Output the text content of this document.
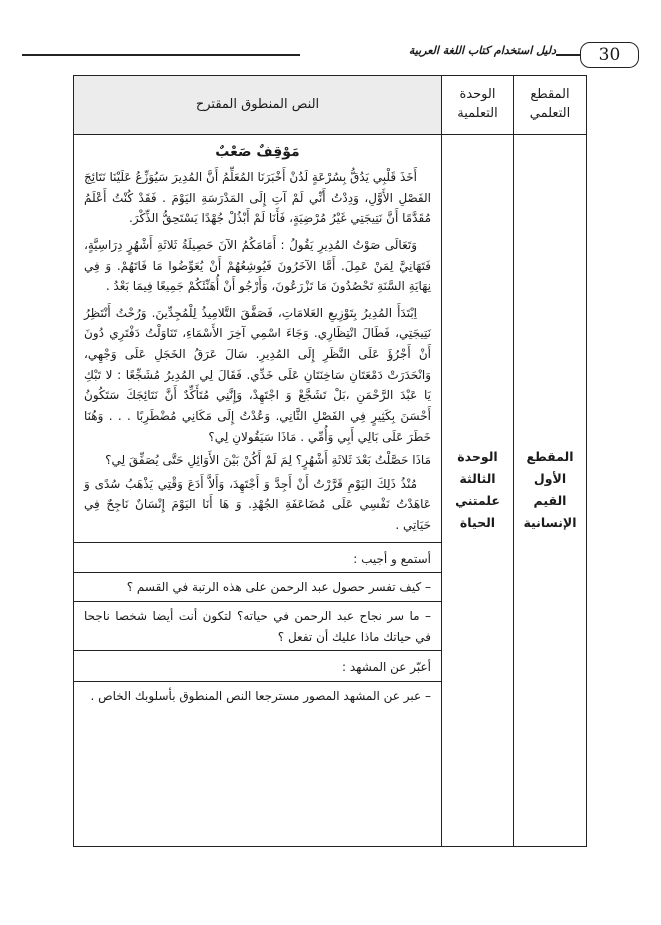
دليل استخدام كتاب اللغة العربية	30
النص المنطوق المقترح
الوحدة التعلمية
المقطع التعلمي
المقطع الأول القيم الإنسانية
الوحدة الثالثة علمتني الحياة
مَوْقِفٌ صَعْبٌ

أَخَذَ قَلْبِي يَدُقُّ بِسُرْعَةٍ لَدُنْ أَخْبَرَنَا المُعَلِّمُ أَنَّ المُدِيرَ سَيُوَزِّعُ عَلَيْنَا نَتَائِجَ الفَصْلِ الأَوَّلِ، وَدِدْتُ أَنِّي لَمْ آتِ إِلَى المَدْرَسَةِ اليَوْمَ . فَقَدْ كُنْتُ أَعْلَمُ مُقَدَّمًا أَنَّ نَتِيجَتِي غَيْرُ مُرْضِيَةٍ، فَأَنَا لَمْ أَبْذُلْ جُهْدًا يَسْتَحِقُّ الذِّكْرَ.

وَتَعَالَى صَوْتُ المُدِيرِ يَقُولُ : أَمَامَكُمُ الآنَ حَصِيلَةُ ثَلاثَةِ أَشْهُرٍ دِرَاسِيَّةٍ، فَتَهَانِيَّ لِمَنْ عَمِلَ. أَمَّا الآخَرُونَ فَيُوشِعُهُمْ أَنْ يُعَوِّضُوا مَا فَاتَهُمْ. وَ فِي نِهَايَةِ السَّنَةِ تَحْصُدُونَ مَا تَزْرَعُونَ، وَأَرْجُو أَنْ أُهَنِّئَكُمْ جَمِيعًا فِيمَا بَعْدُ .

اِبْتَدَأَ المُدِيرُ بِتَوْزِيعِ العَلامَاتِ، فَصَفَّقَ التَّلامِيذُ لِلْمُجِدِّينَ. وَرُحْتُ أَنْتَظِرُ نَتِيجَتِي، فَطَالَ انْتِظَارِي. وَجَاءَ اسْمِي آخِرَ الأَسْمَاءِ، تَنَاوَلْتُ دَفْتَرِي دُونَ أَنْ أَجْرُؤَ عَلَى النَّظَرِ إِلَى المُدِيرِ. سَالَ عَرَقُ الخَجَلِ عَلَى وَجْهِي، وَانْحَدَرَتْ دَمْعَتَانِ سَاخِنَتَانِ عَلَى خَدِّي. فَقَالَ لِي المُدِيرُ مُشَجِّعًا : لا تَبْكِ يَا عَبْدَ الرَّحْمَنِ ،بَلْ تَشَجَّعْ وَ اجْتَهِدْ، وَإِنَّنِي مُتَأَكِّدٌ أَنَّ نَتَائِجَكَ سَتَكُونُ أَحْسَنَ بِكَثِيرٍ فِي الفَصْلِ الثَّانِي. وَعُدْتُ إِلَى مَكَانِي مُضْطَرِبًا . . . وَهُنَا خَطَرَ عَلَى بَالِي أَبِي وَأُمِّي . مَاذَا سَيَقُولانِ لِي؟

مَاذَا حَصَّلْتُ بَعْدَ ثَلاثَةِ أَشْهُرٍ؟ لِمَ لَمْ أَكُنْ بَيْنَ الأَوَائِلِ حَتَّى يُصَفِّقَ لِي؟

مُنْذُ ذَلِكَ اليَوْمِ قَرَّرْتُ أَنْ أَجِدَّ وَ أَجْتَهِدَ، وَأَلاَّ أَدَعَ وَقْتِي يَذْهَبُ سُدًى وَ عَاهَدْتُ نَفْسِي عَلَى مُضَاعَفَةِ الجُهْدِ. وَ هَا أَنَا اليَوْمَ إِنْسَانٌ نَاجِحٌ فِي حَيَاتِي .

أستمع و أجيب :

– كيف تفسر حصول عبد الرحمن على هذه الرتبة في القسم ؟

– ما سر نجاح عبد الرحمن في حياته؟ لتكون أنت أيضا شخصا ناجحا في حياتك ماذا عليك أن تفعل ؟

أعبّر عن المشهد :

– عبر عن المشهد المصور مسترجعا النص المنطوق بأسلوبك الخاص .
